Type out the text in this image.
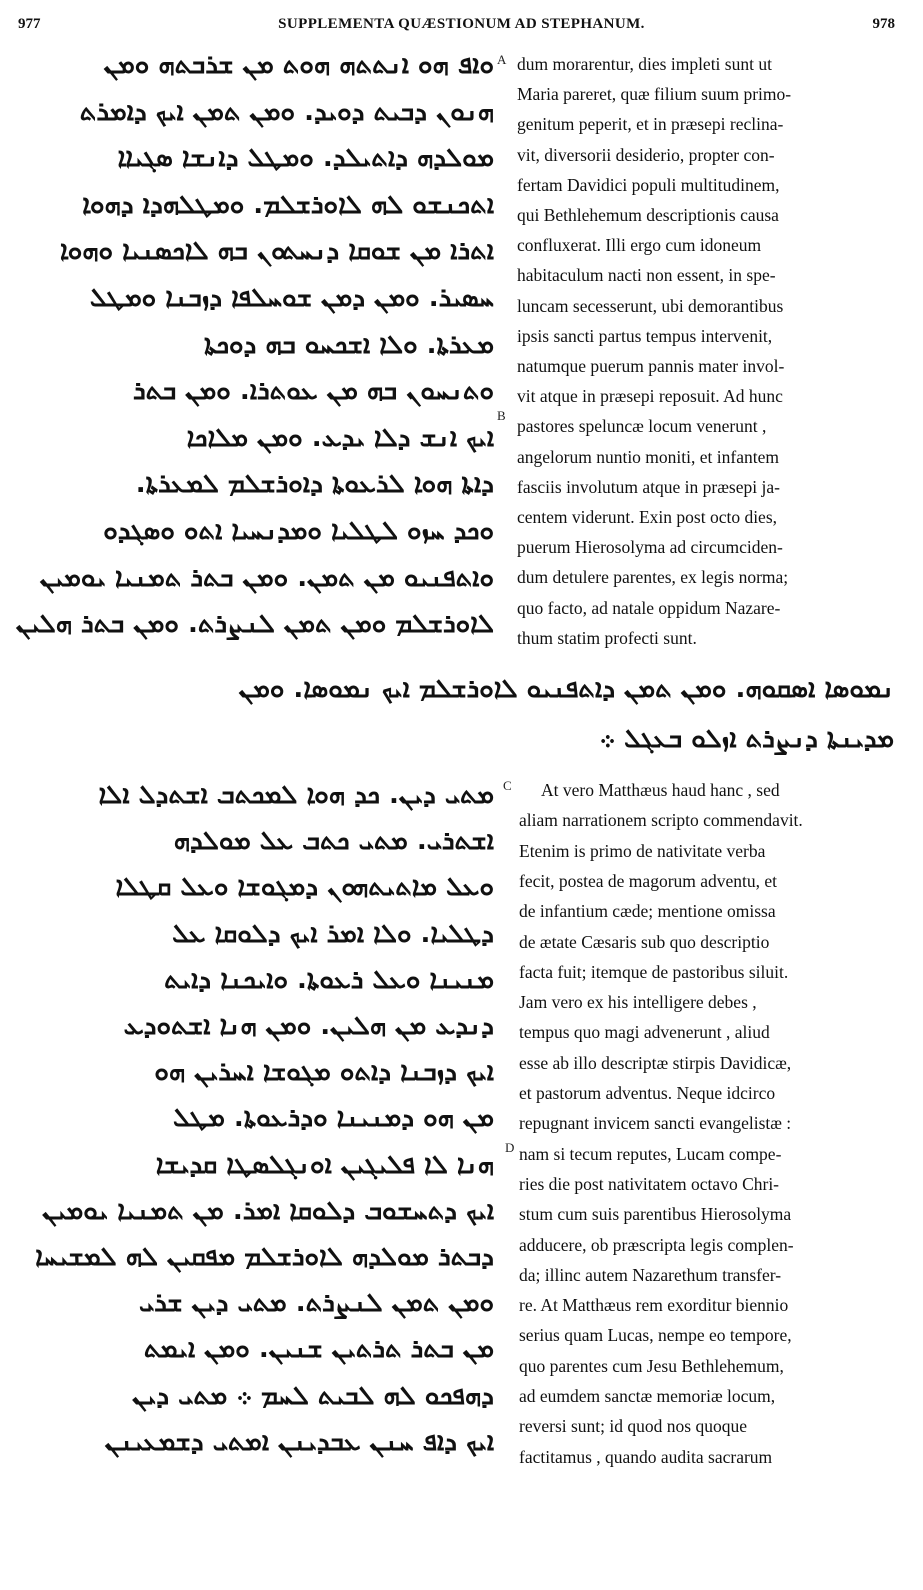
977	SUPPLEMENTA QUÆSTIONUM AD STEPHANUM.	978
A
B
C
D
ܘܐܦ ܗܘ ܐܢܬܬܗ ܗܘܬ ܡܢ ܫܪܒܬܗ ܘܡܢ
ܗܢܘܢ ܕܒܝܬ ܕܘܝܕ. ܘܡܢ ܬܡܢ ܐܝܟ ܕܐܡܪܬ
ܡܘܠܕܗ ܕܐܬܝܠܕ. ܘܡܛܠ ܕܐܢܫܐ ܣܓܝܐܐ
ܐܬܟܢܫܘ ܠܗ ܠܐܘܪܫܠܡ. ܘܡܛܠܗܕܐ ܕܗܘܐ
ܐܬܪܐ ܡܢ ܫܘܩܐ ܕܢܚܬܘܢ ܒܗ ܠܐܟܣܢܝܐ ܘܗܘܐ
ܚܣܝܪ. ܘܡܢ ܕܡܢ ܫܘܚܠܦܐ ܕܙܒܢܐ ܘܡܛܠ
ܡܥܪܬܐ. ܘܠܐ ܐܫܟܚܘ ܒܗ ܕܘܟܬܐ
ܘܬܢܚܘܢ ܒܗ ܡܢ ܥܘܬܪܐ. ܘܡܢ ܒܬܪ
ܐܝܟ ܐܢܫ ܕܠܐ ܝܕܥ. ܘܡܢ ܡܠܐܟܐ
ܕܐܬܐ ܗܘܐ ܠܪܥܘܬܐ ܕܐܘܪܫܠܡ ܠܡܥܪܬܐ.
ܘܟܕ ܚܙܘ ܠܛܠܝܐ ܘܡܕܢܚܝܐ ܐܬܘ ܘܣܓܕܘ
ܘܐܬܦܢܝܘ ܡܢ ܬܡܢ. ܘܡܢ ܒܬܪ ܬܡܢܝܐ ܝܘܡܝܢ
ܠܐܘܪܫܠܡ ܘܡܢ ܬܡܢ ܠܢܨܪܬ. ܘܡܢ ܒܬܪ ܗܠܝܢ
dum morarentur, dies impleti sunt ut
Maria pareret, quæ filium suum primo-
genitum peperit, et in præsepi reclina-
vit, diversorii desiderio, propter con-
fertam Davidici populi multitudinem,
qui Bethlehemum descriptionis causa
confluxerat. Illi ergo cum idoneum
habitaculum nacti non essent, in spe-
luncam secesserunt, ubi demorantibus
ipsis sancti partus tempus intervenit,
natumque puerum pannis mater invol-
vit atque in præsepi reposuit. Ad hunc
pastores speluncæ locum venerunt ,
angelorum nuntio moniti, et infantem
fasciis involutum atque in præsepi ja-
centem viderunt. Exin post octo dies,
puerum Hierosolyma ad circumciden-
dum detulere parentes, ex legis norma;
quo facto, ad natale oppidum Nazare-
thum statim profecti sunt.
ܢܡܘܣܐ ܐܣܩܘܗ. ܘܡܢ ܬܡܢ ܕܐܬܦܢܝܘ ܠܐܘܪܫܠܡ ܐܝܟ ܢܡܘܣܐ. ܘܡܢ
ܡܕܝܢܬܐ ܕܢܨܪܬ ܐܙܠܘ ܒܥܓܠ ܀
ܡܬܝ ܕܝܢ. ܟܕ ܗܘܐ ܠܡܟܬܒ ܐܫܬܕܠ ܐܠܐ
ܐܫܬܪܝ. ܡܬܝ ܟܬܒ ܥܠ ܡܘܠܕܗ
ܘܥܠ ܡܐܬܝܬܗܘܢ ܕܡܓܘܫܐ ܘܥܠ ܩܛܠܐ
ܕܛܠܝܐ. ܘܠܐ ܐܡܪ ܐܝܟ ܕܠܘܩܐ ܥܠ
ܡܢܝܢܐ ܘܥܠ ܪܥܘܬܐ. ܘܐܝܟܢܐ ܕܐܝܬ
ܕܢܕܥ ܡܢ ܗܠܝܢ. ܘܡܢ ܗܢܐ ܐܫܬܘܕܥ
ܐܝܟ ܕܙܒܢܐ ܕܐܬܘ ܡܓܘܫܐ ܐܚܪܝܢ ܗܘ
ܡܢ ܗܘ ܕܡܢܝܢܐ ܘܕܪܥܘܬܐ. ܡܛܠ
ܗܢܐ ܠܐ ܦܠܝܓܝܢ ܐܘܢܓܠܣܛܐ ܩܕܝܫܐ
ܐܝܟ ܕܬܚܫܘܒ ܕܠܘܩܐ ܐܡܪ. ܡܢ ܬܡܢܝܐ ܝܘܡܝܢ
ܕܒܬܪ ܡܘܠܕܗ ܠܐܘܪܫܠܡ ܡܦܩܝܢ ܠܗ ܠܡܫܝܚܐ
ܘܡܢ ܬܡܢ ܠܢܨܪܬ. ܡܬܝ ܕܝܢ ܫܪܝ
ܡܢ ܒܬܪ ܬܪܬܝܢ ܫܢܝܢ. ܘܡܢ ܐܝܡܬ
ܕܗܦܟܘ ܠܗ ܠܒܝܬ ܠܚܡ ܀ ܡܬܝ ܕܝܢ
ܐܝܟ ܕܐܦ ܚܢܢ ܥܒܕܝܢܢ ܐܡܬܝ ܕܫܡܥܝܢܢ
At vero Matthæus haud hanc , sed
aliam narrationem scripto commendavit.
Etenim is primo de nativitate verba
fecit, postea de magorum adventu, et
de infantium cæde; mentione omissa
de ætate Cæsaris sub quo descriptio
facta fuit; itemque de pastoribus siluit.
Jam vero ex his intelligere debes ,
tempus quo magi advenerunt , aliud
esse ab illo descriptæ stirpis Davidicæ,
et pastorum adventus. Neque idcirco
repugnant invicem sancti evangelistæ :
nam si tecum reputes, Lucam compe-
ries die post nativitatem octavo Chri-
stum cum suis parentibus Hierosolyma
adducere, ob præscripta legis complen-
da; illinc autem Nazarethum transfer-
re. At Matthæus rem exorditur biennio
serius quam Lucas, nempe eo tempore,
quo parentes cum Jesu Bethlehemum,
ad eumdem sanctæ memoriæ locum,
reversi sunt; id quod nos quoque
factitamus , quando audita sacrarum
